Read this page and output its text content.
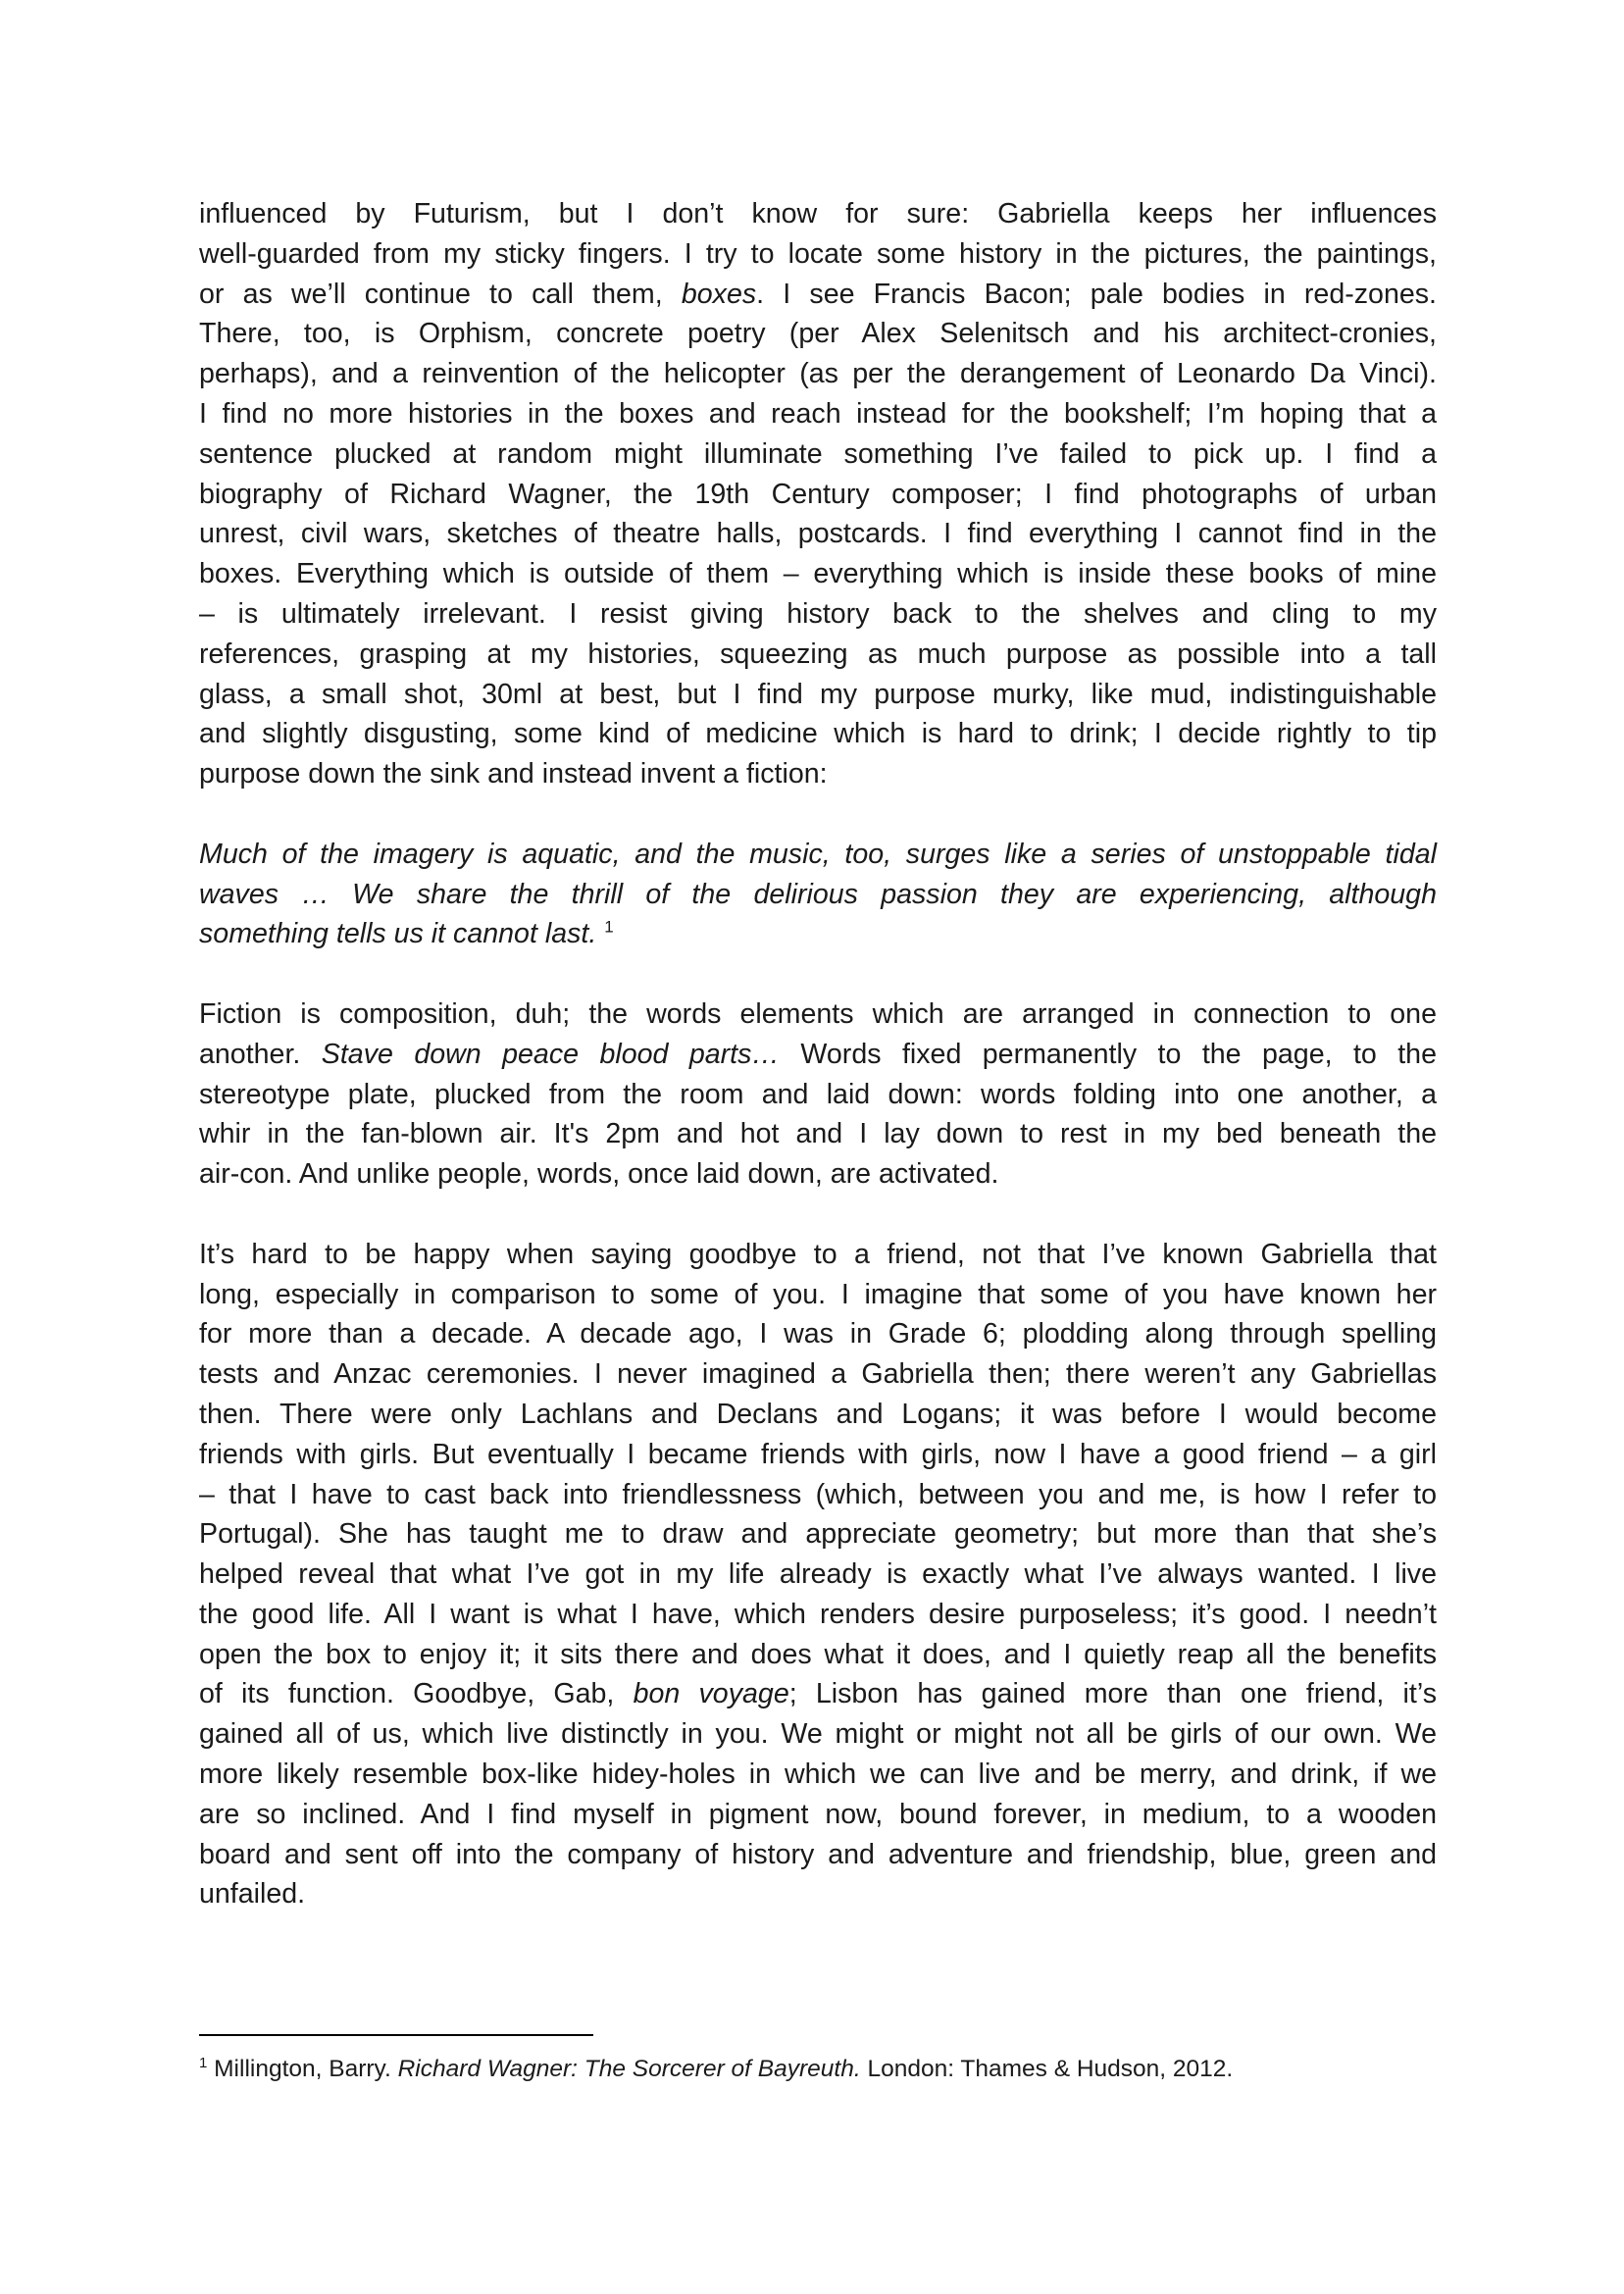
influenced by Futurism, but I don’t know for sure: Gabriella keeps her influences
well-guarded from my sticky fingers. I try to locate some history in the pictures, the paintings,
or as we’ll continue to call them, boxes. I see Francis Bacon; pale bodies in red-zones.
There, too, is Orphism, concrete poetry (per Alex Selenitsch and his architect-cronies,
perhaps), and a reinvention of the helicopter (as per the derangement of Leonardo Da Vinci).
I find no more histories in the boxes and reach instead for the bookshelf; I’m hoping that a
sentence plucked at random might illuminate something I’ve failed to pick up. I find a
biography of Richard Wagner, the 19th Century composer; I find photographs of urban
unrest, civil wars, sketches of theatre halls, postcards. I find everything I cannot find in the
boxes. Everything which is outside of them – everything which is inside these books of mine
– is ultimately irrelevant. I resist giving history back to the shelves and cling to my
references, grasping at my histories, squeezing as much purpose as possible into a tall
glass, a small shot, 30ml at best, but I find my purpose murky, like mud, indistinguishable
and slightly disgusting, some kind of medicine which is hard to drink; I decide rightly to tip
purpose down the sink and instead invent a fiction:
Much of the imagery is aquatic, and the music, too, surges like a series of unstoppable tidal
waves … We share the thrill of the delirious passion they are experiencing, although
something tells us it cannot last. $^1$
Fiction is composition, duh; the words elements which are arranged in connection to one
another. Stave down peace blood parts… Words fixed permanently to the page, to the
stereotype plate, plucked from the room and laid down: words folding into one another, a
whir in the fan-blown air. It's 2pm and hot and I lay down to rest in my bed beneath the
air-con. And unlike people, words, once laid down, are activated.
It’s hard to be happy when saying goodbye to a friend, not that I’ve known Gabriella that
long, especially in comparison to some of you. I imagine that some of you have known her
for more than a decade. A decade ago, I was in Grade 6; plodding along through spelling
tests and Anzac ceremonies. I never imagined a Gabriella then; there weren’t any Gabriellas
then. There were only Lachlans and Declans and Logans; it was before I would become
friends with girls. But eventually I became friends with girls, now I have a good friend – a girl
– that I have to cast back into friendlessness (which, between you and me, is how I refer to
Portugal). She has taught me to draw and appreciate geometry; but more than that she’s
helped reveal that what I’ve got in my life already is exactly what I’ve always wanted. I live
the good life. All I want is what I have, which renders desire purposeless; it’s good. I needn’t
open the box to enjoy it; it sits there and does what it does, and I quietly reap all the benefits
of its function. Goodbye, Gab, bon voyage; Lisbon has gained more than one friend, it’s
gained all of us, which live distinctly in you. We might or might not all be girls of our own. We
more likely resemble box-like hidey-holes in which we can live and be merry, and drink, if we
are so inclined. And I find myself in pigment now, bound forever, in medium, to a wooden
board and sent off into the company of history and adventure and friendship, blue, green and
unfailed.
$^1$ Millington, Barry. Richard Wagner: The Sorcerer of Bayreuth. London: Thames & Hudson, 2012.
